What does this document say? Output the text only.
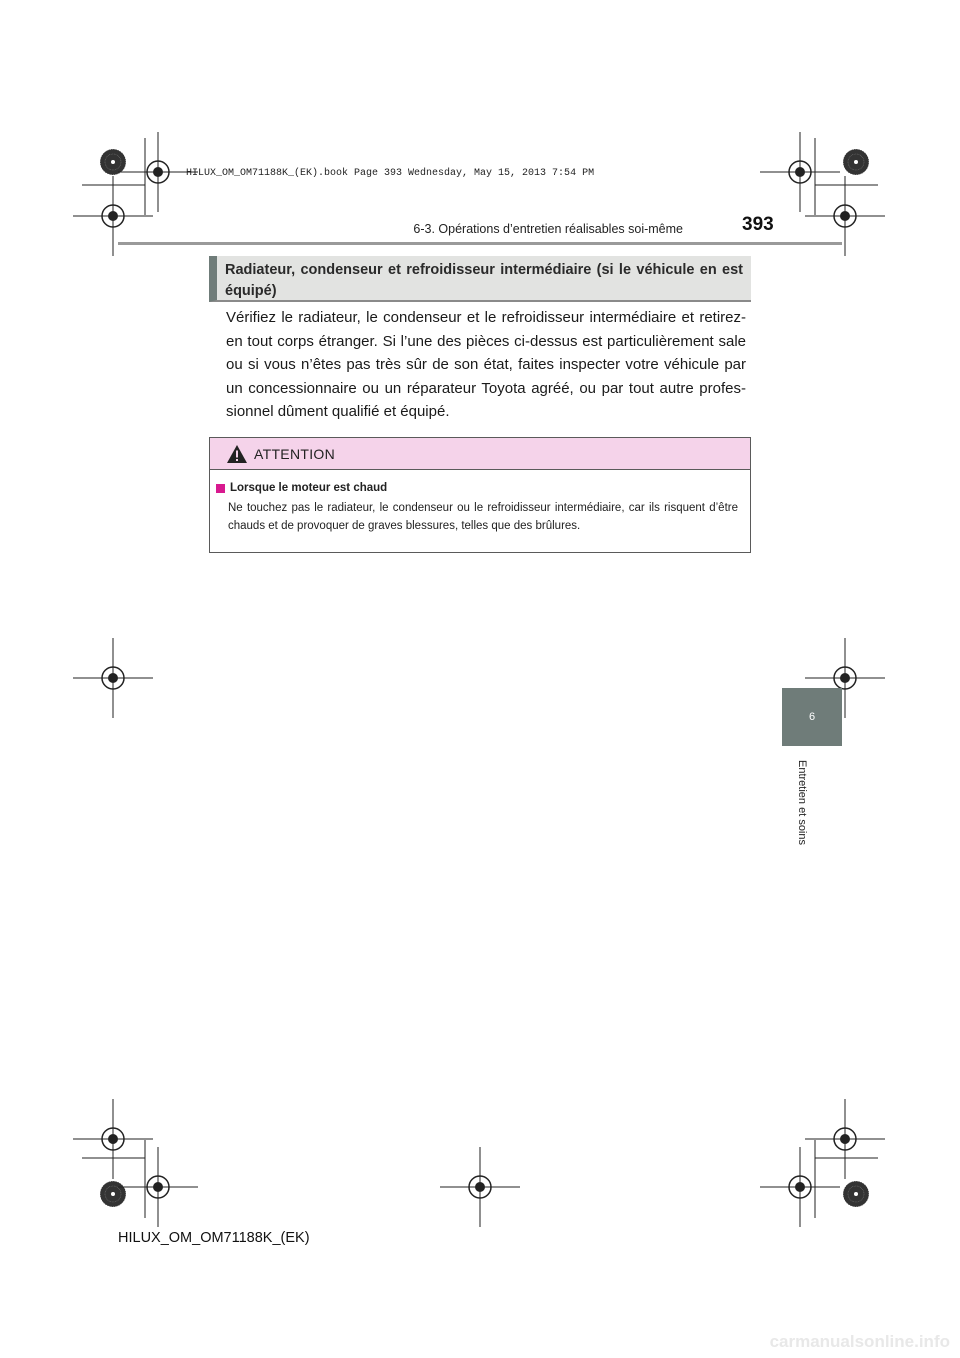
HILUX_OM_OM71188K_(EK).book Page 393 Wednesday, May 15, 2013 7:54 PM
6-3. Opérations d’entretien réalisables soi-même	393
6
Entretien et soins
Radiateur, condenseur et refroidisseur intermédiaire (si le véhicule en est équipé)
Vérifiez le radiateur, le condenseur et le refroidisseur intermédiaire et retirez-en tout corps étranger. Si l’une des pièces ci-dessus est particulièrement sale ou si vous n’êtes pas très sûr de son état, faites inspecter votre véhicule par un concessionnaire ou un réparateur Toyota agréé, ou par tout autre profes-sionnel dûment qualifié et équipé.
ATTENTION
Lorsque le moteur est chaud
Ne touchez pas le radiateur, le condenseur ou le refroidisseur intermédiaire, car ils risquent d’être chauds et de provoquer de graves blessures, telles que des brûlures.
HILUX_OM_OM71188K_(EK)
carmanualsonline.info
